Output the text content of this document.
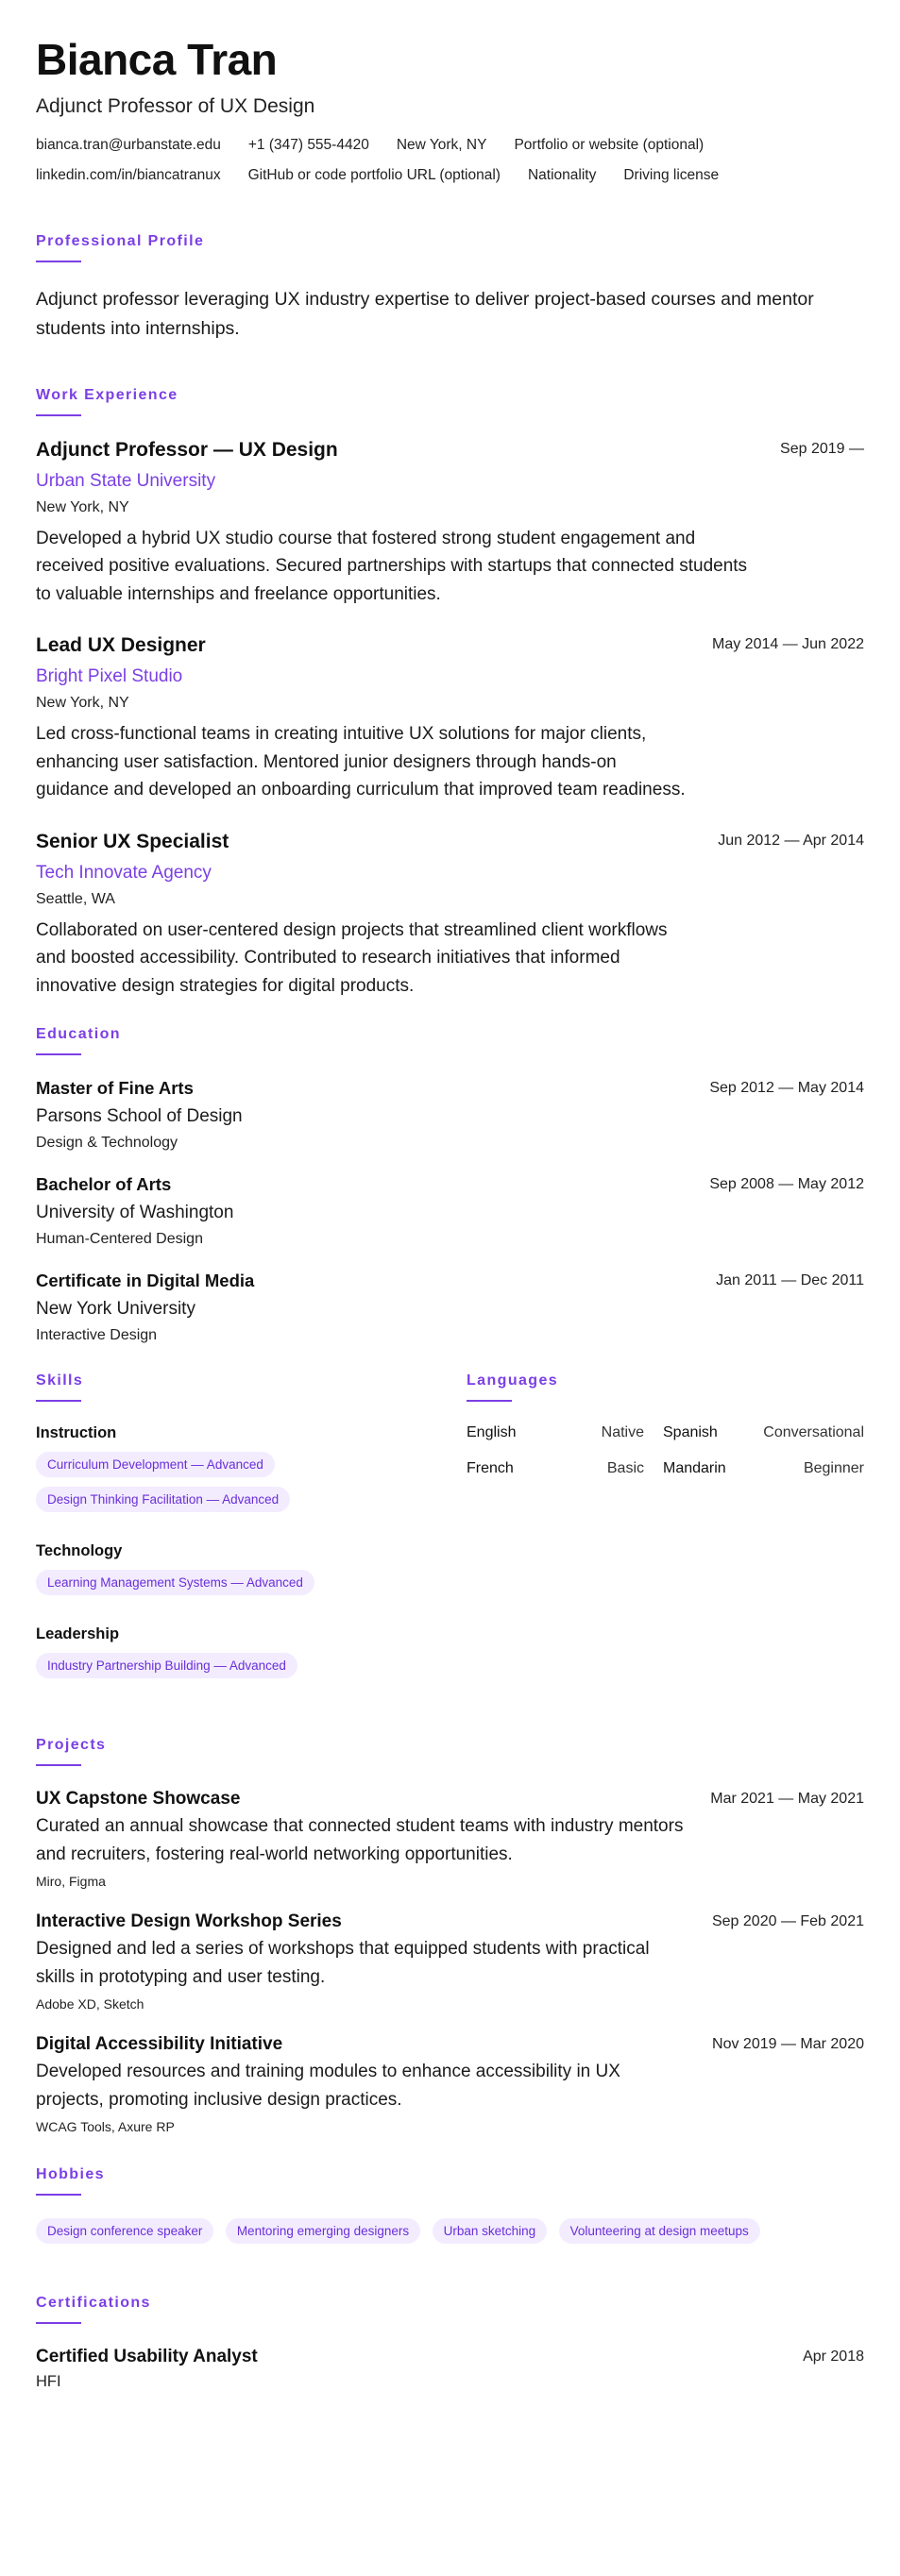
Bianca Tran
Adjunct Professor of UX Design
bianca.tran@urbanstate.edu +1 (347) 555-4420 New York, NY Portfolio or website (optional)
linkedin.com/in/biancatranux GitHub or code portfolio URL (optional) Nationality Driving license
Professional Profile
Adjunct professor leveraging UX industry expertise to deliver project-based courses and mentor students into internships.
Work Experience
Adjunct Professor — UX Design
Urban State University
New York, NY
Developed a hybrid UX studio course that fostered strong student engagement and received positive evaluations. Secured partnerships with startups that connected students to valuable internships and freelance opportunities.
Sep 2019 —
Lead UX Designer
Bright Pixel Studio
New York, NY
Led cross-functional teams in creating intuitive UX solutions for major clients, enhancing user satisfaction. Mentored junior designers through hands-on guidance and developed an onboarding curriculum that improved team readiness.
May 2014 — Jun 2022
Senior UX Specialist
Tech Innovate Agency
Seattle, WA
Collaborated on user-centered design projects that streamlined client workflows and boosted accessibility. Contributed to research initiatives that informed innovative design strategies for digital products.
Jun 2012 — Apr 2014
Education
Master of Fine Arts
Parsons School of Design
Design & Technology
Sep 2012 — May 2014
Bachelor of Arts
University of Washington
Human-Centered Design
Sep 2008 — May 2012
Certificate in Digital Media
New York University
Interactive Design
Jan 2011 — Dec 2011
Skills
Instruction
Curriculum Development — Advanced
Design Thinking Facilitation — Advanced
Technology
Learning Management Systems — Advanced
Leadership
Industry Partnership Building — Advanced
Languages
English	Native	Spanish	Conversational
French	Basic	Mandarin	Beginner
Projects
UX Capstone Showcase
Curated an annual showcase that connected student teams with industry mentors and recruiters, fostering real-world networking opportunities.
Miro, Figma
Mar 2021 — May 2021
Interactive Design Workshop Series
Designed and led a series of workshops that equipped students with practical skills in prototyping and user testing.
Adobe XD, Sketch
Sep 2020 — Feb 2021
Digital Accessibility Initiative
Developed resources and training modules to enhance accessibility in UX projects, promoting inclusive design practices.
WCAG Tools, Axure RP
Nov 2019 — Mar 2020
Hobbies
Design conference speaker	Mentoring emerging designers	Urban sketching	Volunteering at design meetups
Certifications
Certified Usability Analyst
HFI
Apr 2018
